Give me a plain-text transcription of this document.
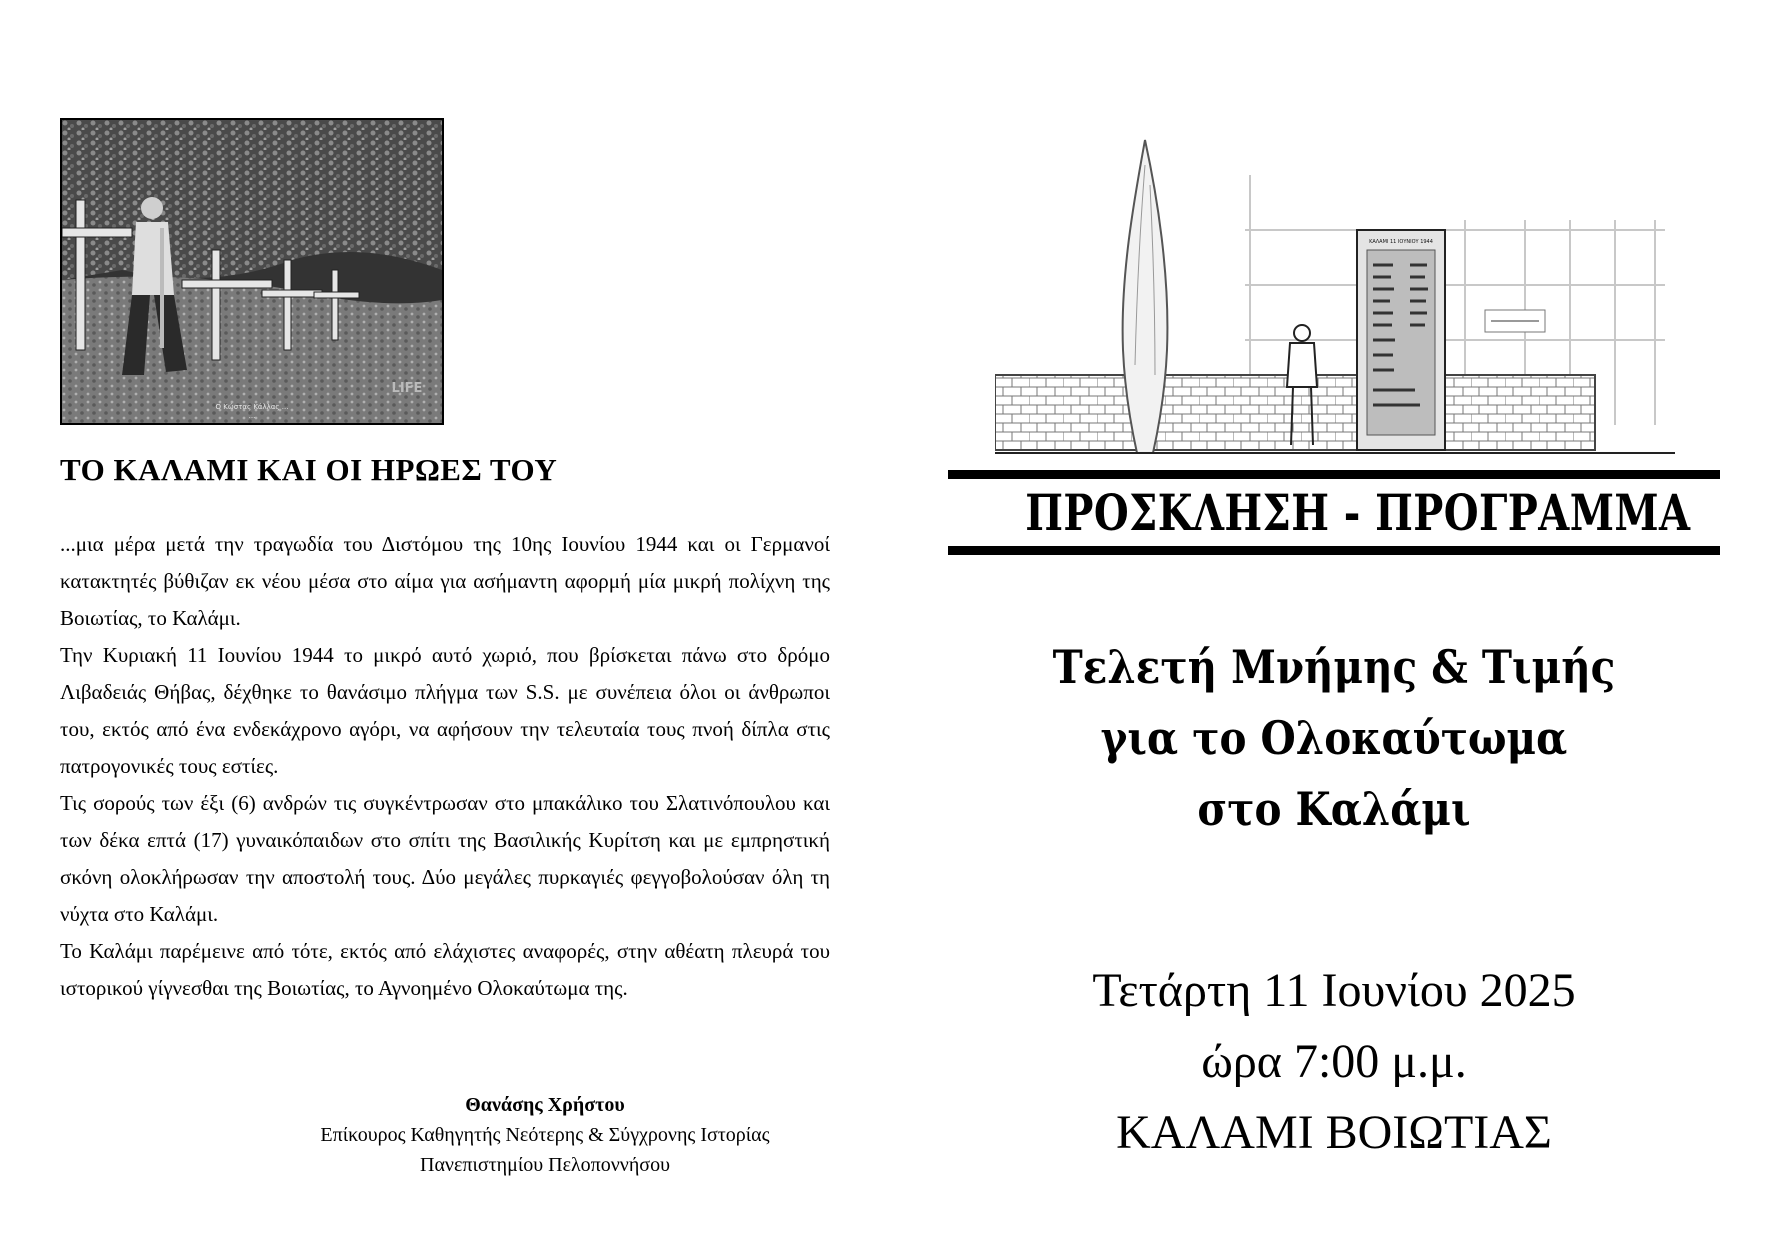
LIFE
Ο Κώστας Κάλλας ...
...
ΤΟ ΚΑΛΑΜΙ ΚΑΙ ΟΙ ΗΡΩΕΣ ΤΟΥ

...μια μέρα μετά την τραγωδία του Διστόμου της 10ης Ιουνίου 1944 και οι Γερμανοί κατακτητές βύθιζαν εκ νέου μέσα στο αίμα για ασήμαντη αφορμή μία μικρή πολίχνη της Βοιωτίας, το Καλάμι.

Την Κυριακή 11 Ιουνίου 1944 το μικρό αυτό χωριό, που βρίσκεται πάνω στο δρόμο Λιβαδειάς Θήβας, δέχθηκε το θανάσιμο πλήγμα των S.S. με συνέπεια όλοι οι άνθρωποι του, εκτός από ένα ενδεκάχρονο αγόρι, να αφήσουν την τελευταία τους πνοή δίπλα στις πατρογονικές τους εστίες.

Τις σορούς των έξι (6) ανδρών τις συγκέντρωσαν στο μπακάλικο του Σλατινόπουλου και των δέκα επτά (17) γυναικόπαιδων στο σπίτι της Βασιλικής Κυρίτση και με εμπρηστική σκόνη ολοκλήρωσαν την αποστολή τους. Δύο μεγάλες πυρκαγιές φεγγοβολούσαν όλη τη νύχτα στο Καλάμι.

Το Καλάμι παρέμεινε από τότε, εκτός από ελάχιστες αναφορές, στην αθέατη πλευρά του ιστορικού γίγνεσθαι της Βοιωτίας, το Αγνοημένο Ολοκαύτωμα της.

Θανάσης Χρήστου
Επίκουρος Καθηγητής Νεότερης & Σύγχρονης Ιστορίας
Πανεπιστημίου Πελοποννήσου
ΚΑΛΑΜΙ 11 ΙΟΥΝΙΟΥ 1944
ΠΡΟΣΚΛΗΣΗ - ΠΡΟΓΡΑΜΜΑ
Τελετή Μνήμης & Τιμής
για το Ολοκαύτωμα
στο Καλάμι
Τετάρτη 11 Ιουνίου 2025
ώρα 7:00 μ.μ.
ΚΑΛΑΜΙ ΒΟΙΩΤΙΑΣ
